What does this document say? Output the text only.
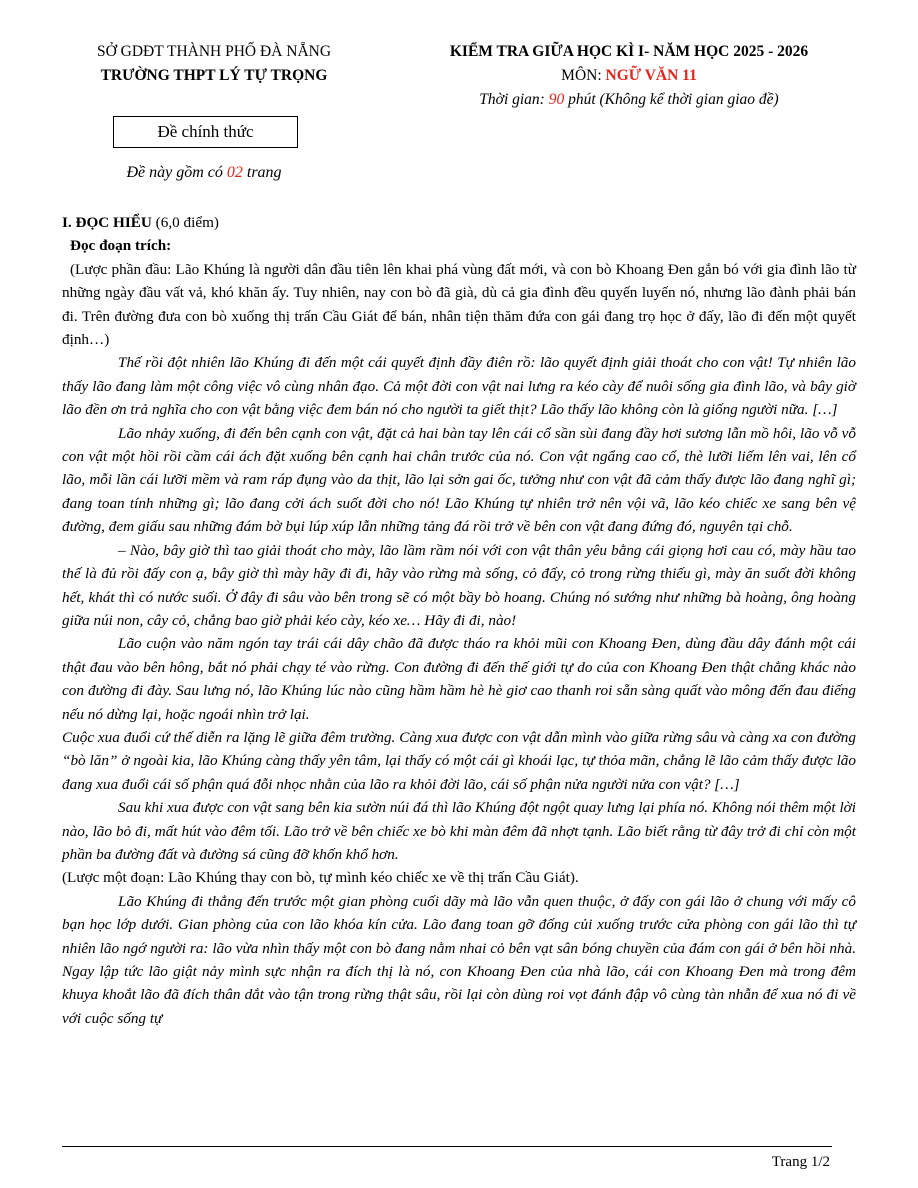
SỞ GDĐT THÀNH PHỐ ĐÀ NẴNG
TRƯỜNG THPT LÝ TỰ TRỌNG
KIỂM TRA GIỮA HỌC KÌ I- NĂM HỌC 2025 - 2026
MÔN: NGỮ VĂN 11
Thời gian: 90 phút (Không kể thời gian giao đề)
Đề chính thức
Đề này gồm có 02 trang

I. ĐỌC HIỂU (6,0 điểm)

Đọc đoạn trích:

(Lược phần đầu: Lão Khúng là người dân đầu tiên lên khai phá vùng đất mới, và con bò Khoang Đen gắn bó với gia đình lão từ những ngày đầu vất vả, khó khăn ấy. Tuy nhiên, nay con bò đã già, dù cả gia đình đều quyến luyến nó, nhưng lão đành phải bán đi. Trên đường đưa con bò xuống thị trấn Cầu Giát để bán, nhân tiện thăm đứa con gái đang trọ học ở đấy, lão đi đến một quyết định…)

Thế rồi đột nhiên lão Khúng đi đến một cái quyết định đầy điên rồ: lão quyết định giải thoát cho con vật! Tự nhiên lão thấy lão đang làm một công việc vô cùng nhân đạo. Cả một đời con vật nai lưng ra kéo cày để nuôi sống gia đình lão, và bây giờ lão đền ơn trả nghĩa cho con vật bằng việc đem bán nó cho người ta giết thịt? Lão thấy lão không còn là giống người nữa. […]

Lão nhảy xuống, đi đến bên cạnh con vật, đặt cả hai bàn tay lên cái cổ sần sùi đang đầy hơi sương lẫn mồ hôi, lão vỗ vỗ con vật một hồi rồi cầm cái ách đặt xuống bên cạnh hai chân trước của nó. Con vật ngẩng cao cổ, thè lưỡi liếm lên vai, lên cổ lão, mỗi lần cái lưỡi mềm và ram ráp đụng vào da thịt, lão lại sởn gai ốc, tưởng như con vật đã cảm thấy được lão đang nghĩ gì; đang toan tính những gì; lão đang cởi ách suốt đời cho nó! Lão Khúng tự nhiên trở nên vội vã, lão kéo chiếc xe sang bên vệ đường, đem giấu sau những đám bờ bụi lúp xúp lẫn những tảng đá rồi trở về bên con vật đang đứng đó, nguyên tại chỗ.

– Nào, bây giờ thì tao giải thoát cho mày, lão lầm rầm nói với con vật thân yêu bằng cái giọng hơi cau có, mày hầu tao thế là đủ rồi đấy con ạ, bây giờ thì mày hãy đi đi, hãy vào rừng mà sống, cỏ đấy, cỏ trong rừng thiếu gì, mày ăn suốt đời không hết, khát thì có nước suối. Ở đây đi sâu vào bên trong sẽ có một bầy bò hoang. Chúng nó sướng như những bà hoàng, ông hoàng giữa núi non, cây cỏ, chẳng bao giờ phải kéo cày, kéo xe… Hãy đi đi, nào!

Lão cuộn vào năm ngón tay trái cái dây chão đã được tháo ra khỏi mũi con Khoang Đen, dùng đầu dây đánh một cái thật đau vào bên hông, bắt nó phải chạy té vào rừng. Con đường đi đến thế giới tự do của con Khoang Đen thật chẳng khác nào con đường đi đày. Sau lưng nó, lão Khúng lúc nào cũng hầm hầm hè hè giơ cao thanh roi sẵn sàng quất vào mông đến đau điếng nếu nó dừng lại, hoặc ngoái nhìn trở lại.

Cuộc xua đuổi cứ thế diễn ra lặng lẽ giữa đêm trường. Càng xua được con vật dẫn mình vào giữa rừng sâu và càng xa con đường “bò lăn” ở ngoài kia, lão Khúng càng thấy yên tâm, lại thấy có một cái gì khoái lạc, tự thỏa mãn, chẳng lẽ lão cảm thấy được lão đang xua đuổi cái số phận quá đỗi nhọc nhằn của lão ra khỏi đời lão, cái số phận nửa người nửa con vật? […]

Sau khi xua được con vật sang bên kia sườn núi đá thì lão Khúng đột ngột quay lưng lại phía nó. Không nói thêm một lời nào, lão bỏ đi, mất hút vào đêm tối. Lão trở về bên chiếc xe bò khi màn đêm đã nhợt tạnh. Lão biết rằng từ đây trở đi chỉ còn một phần ba đường đất và đường sá cũng đỡ khốn khổ hơn.

(Lược một đoạn: Lão Khúng thay con bò, tự mình kéo chiếc xe về thị trấn Cầu Giát).

Lão Khúng đi thẳng đến trước một gian phòng cuối dãy mà lão vẫn quen thuộc, ở đấy con gái lão ở chung với mấy cô bạn học lớp dưới. Gian phòng của con lão khóa kín cửa. Lão đang toan gỡ đống củi xuống trước cửa phòng con gái lão thì tự nhiên lão ngớ người ra: lão vừa nhìn thấy một con bò đang nằm nhai cỏ bên vạt sân bóng chuyền của đám con gái ở bên hồi nhà. Ngay lập tức lão giật nảy mình sực nhận ra đích thị là nó, con Khoang Đen của nhà lão, cái con Khoang Đen mà trong đêm khuya khoắt lão đã đích thân dắt vào tận trong rừng thật sâu, rồi lại còn dùng roi vọt đánh đập vô cùng tàn nhẫn để xua nó đi về với cuộc sống tự

Trang 1/2
